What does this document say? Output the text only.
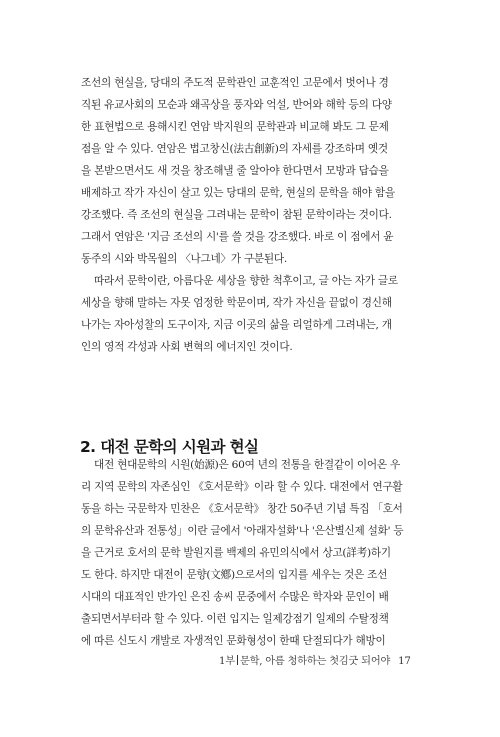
조선의 현실을, 당대의 주도적 문학관인 교훈적인 고문에서 벗어나 경
직된 유교사회의 모순과 왜곡상을 풍자와 억설, 반어와 해학 등의 다양
한 표현법으로 용해시킨 연암 박지원의 문학관과 비교해 봐도 그 문제
점을 알 수 있다. 연암은 법고창신(法古創新)의 자세를 강조하며 옛것
을 본받으면서도 새 것을 창조해낼 줄 알아야 한다면서 모방과 답습을
배제하고 작가 자신이 살고 있는 당대의 문학, 현실의 문학을 해야 함을
강조했다. 즉 조선의 현실을 그려내는 문학이 참된 문학이라는 것이다.
그래서 연암은 '지금 조선의 시'를 쓸 것을 강조했다. 바로 이 점에서 윤
동주의 시와 박목월의 〈나그네〉가 구분된다.
따라서 문학이란, 아름다운 세상을 향한 척후이고, 글 아는 자가 글로
세상을 향해 말하는 자못 엄정한 학문이며, 작가 자신을 끝없이 경신해
나가는 자아성찰의 도구이자, 지금 이곳의 삶을 리얼하게 그려내는, 개
인의 영적 각성과 사회 변혁의 에너지인 것이다.
2. 대전 문학의 시원과 현실
대전 현대문학의 시원(始源)은 60여 년의 전통을 한결같이 이어온 우
리 지역 문학의 자존심인 《호서문학》이라 할 수 있다. 대전에서 연구활
동을 하는 국문학자 민찬은 《호서문학》 창간 50주년 기념 특집 「호서
의 문학유산과 전통성」이란 글에서 '아래자설화'나 '은산별신제 설화' 등
을 근거로 호서의 문학 발원지를 백제의 유민의식에서 상고(詳考)하기
도 한다. 하지만 대전이 문향(文鄕)으로서의 입지를 세우는 것은 조선
시대의 대표적인 반가인 은진 송씨 문중에서 수많은 학자와 문인이 배
출되면서부터라 할 수 있다. 이런 입지는 일제강점기 일제의 수탈정책
에 따른 신도시 개발로 자생적인 문화형성이 한때 단절되다가 해방이
1부 문학, 아름 청하하는 첫김굿 되어야 17
